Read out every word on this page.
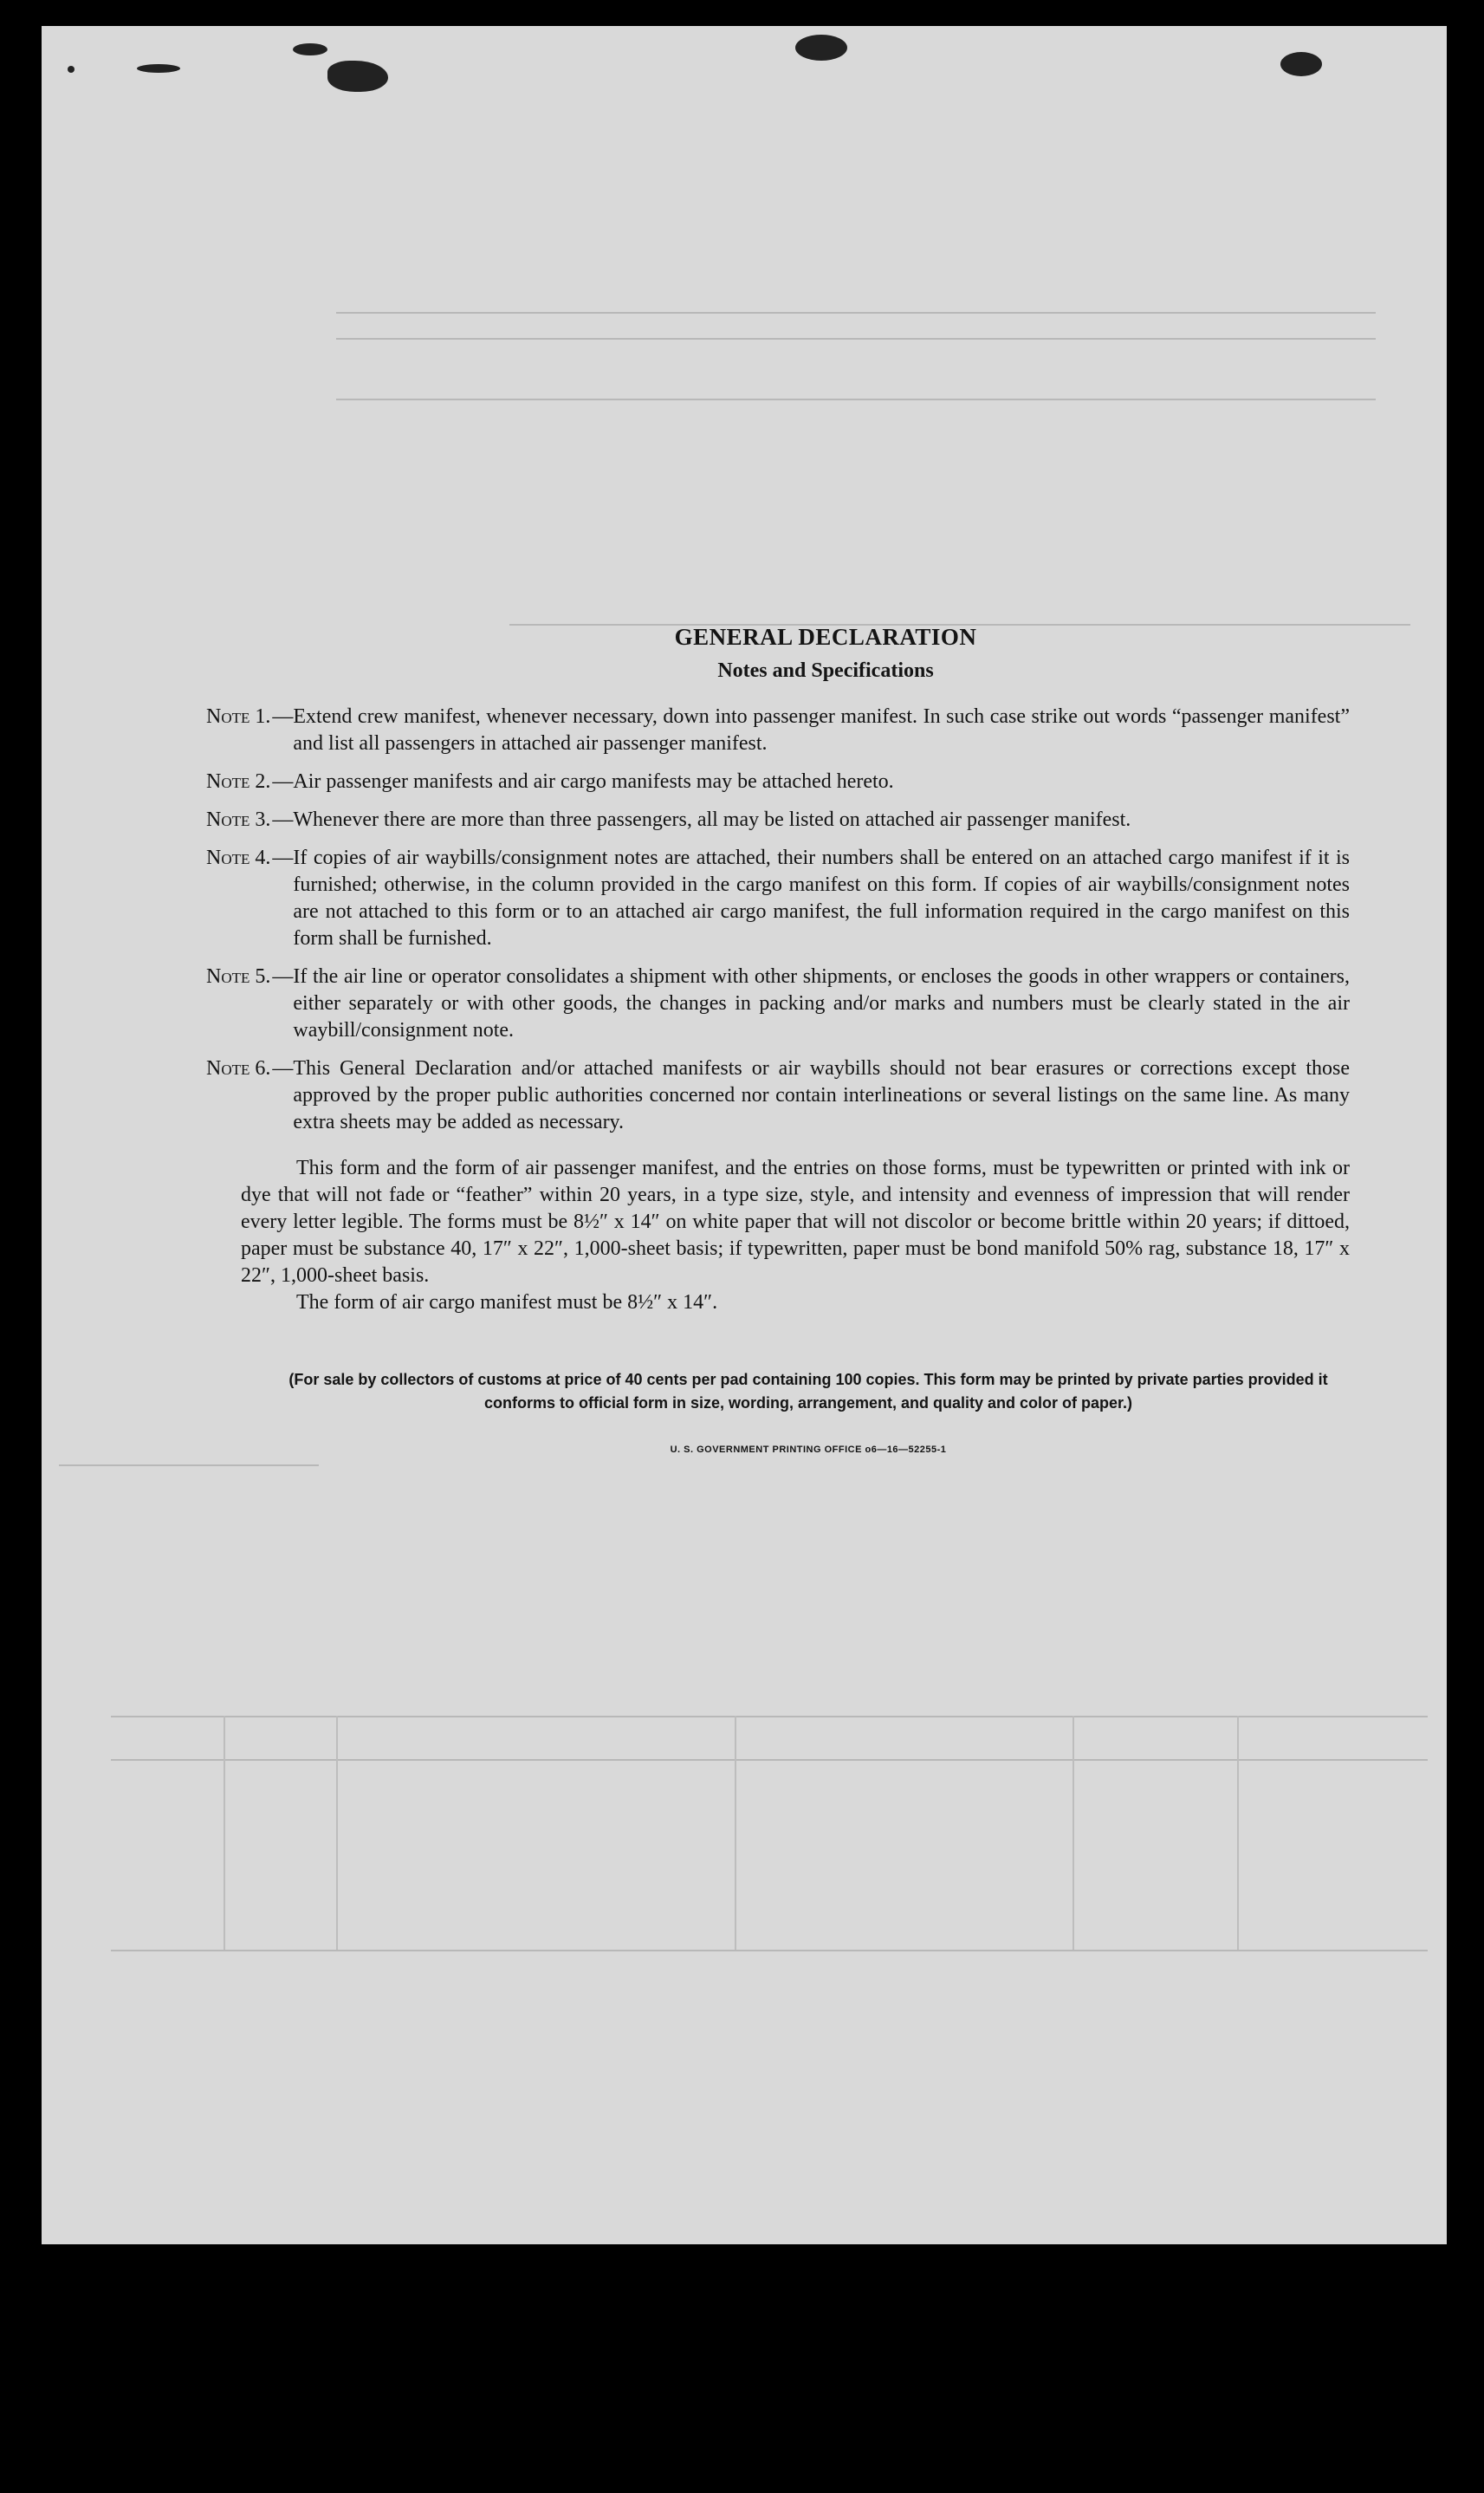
GENERAL DECLARATION
Notes and Specifications
Note 1. — Extend crew manifest, whenever necessary, down into passenger manifest. In such case strike out words “passenger manifest” and list all passengers in attached air passenger manifest.
Note 2. — Air passenger manifests and air cargo manifests may be attached hereto.
Note 3. — Whenever there are more than three passengers, all may be listed on attached air passenger manifest.
Note 4. — If copies of air waybills/consignment notes are attached, their numbers shall be entered on an attached cargo manifest if it is furnished; otherwise, in the column provided in the cargo manifest on this form. If copies of air waybills/consignment notes are not attached to this form or to an attached air cargo manifest, the full information required in the cargo manifest on this form shall be furnished.
Note 5. — If the air line or operator consolidates a shipment with other shipments, or encloses the goods in other wrappers or containers, either separately or with other goods, the changes in packing and/or marks and numbers must be clearly stated in the air waybill/consignment note.
Note 6. — This General Declaration and/or attached manifests or air waybills should not bear erasures or corrections except those approved by the proper public authorities concerned nor contain interlineations or several listings on the same line. As many extra sheets may be added as necessary.
This form and the form of air passenger manifest, and the entries on those forms, must be typewritten or printed with ink or dye that will not fade or “feather” within 20 years, in a type size, style, and intensity and evenness of impression that will render every letter legible. The forms must be 8½″ x 14″ on white paper that will not discolor or become brittle within 20 years; if dittoed, paper must be substance 40, 17″ x 22″, 1,000-sheet basis; if typewritten, paper must be bond manifold 50% rag, substance 18, 17″ x 22″, 1,000-sheet basis.
The form of air cargo manifest must be 8½″ x 14″.
(For sale by collectors of customs at price of 40 cents per pad containing 100 copies. This form may be printed by private parties provided it conforms to official form in size, wording, arrangement, and quality and color of paper.)
U. S. GOVERNMENT PRINTING OFFICE o6—16—52255-1
